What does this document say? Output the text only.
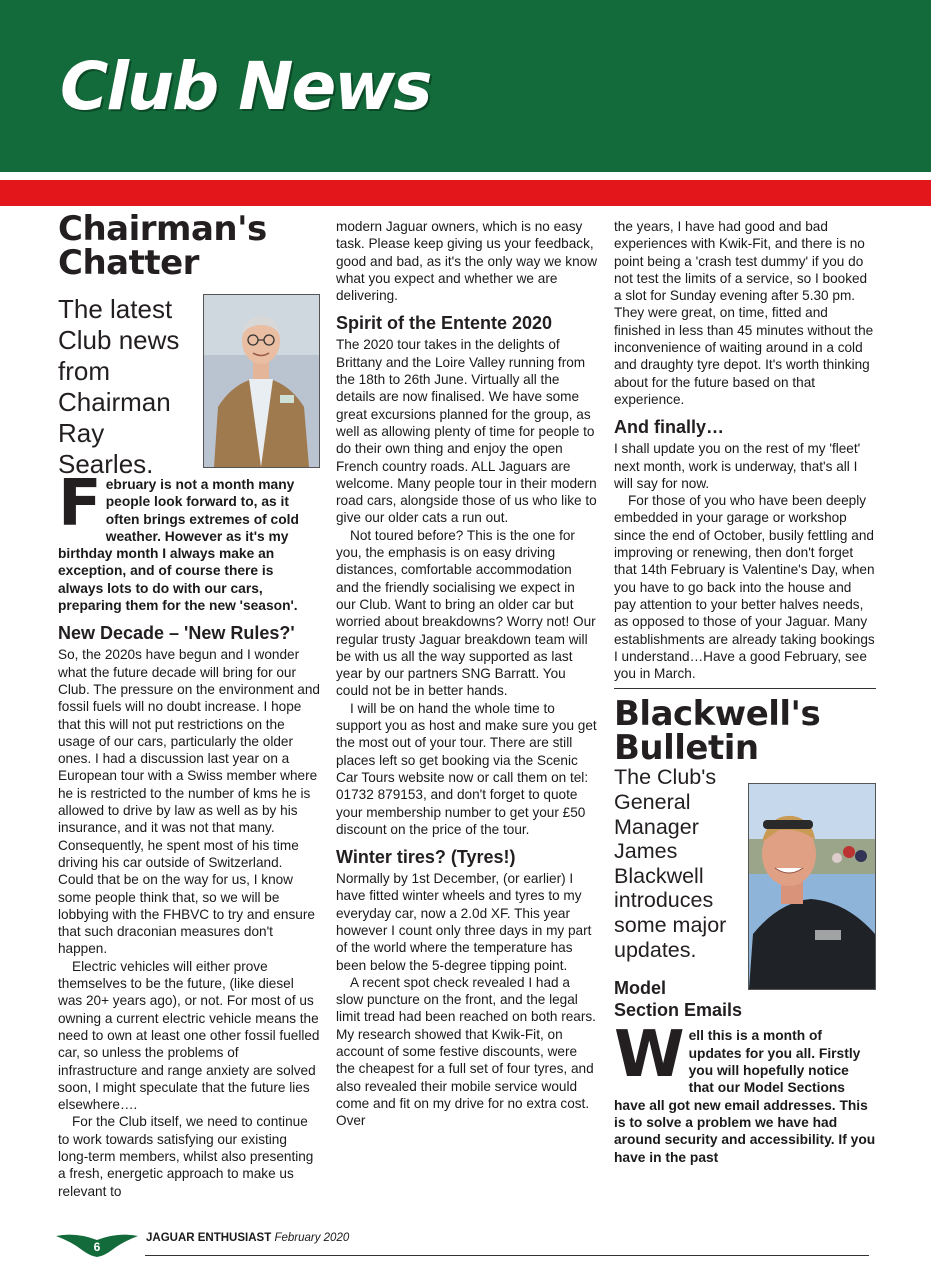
Club News
Chairman's
Chatter
The latest
Club news
from
Chairman
Ray Searles.

February is not a month many people look forward to, as it often brings extremes of cold weather. However as it's my birthday month I always make an exception, and of course there is always lots to do with our cars, preparing them for the new 'season'.

New Decade – 'New Rules?'

So, the 2020s have begun and I wonder what the future decade will bring for our Club. The pressure on the environment and fossil fuels will no doubt increase. I hope that this will not put restrictions on the usage of our cars, particularly the older ones. I had a discussion last year on a European tour with a Swiss member where he is restricted to the number of kms he is allowed to drive by law as well as by his insurance, and it was not that many. Consequently, he spent most of his time driving his car outside of Switzerland. Could that be on the way for us, I know some people think that, so we will be lobbying with the FHBVC to try and ensure that such draconian measures don't happen.

Electric vehicles will either prove themselves to be the future, (like diesel was 20+ years ago), or not. For most of us owning a current electric vehicle means the need to own at least one other fossil fuelled car, so unless the problems of infrastructure and range anxiety are solved soon, I might speculate that the future lies elsewhere….

For the Club itself, we need to continue to work towards satisfying our existing long-term members, whilst also presenting a fresh, energetic approach to make us relevant to

modern Jaguar owners, which is no easy task. Please keep giving us your feedback, good and bad, as it's the only way we know what you expect and whether we are delivering.

Spirit of the Entente 2020

The 2020 tour takes in the delights of Brittany and the Loire Valley running from the 18th to 26th June. Virtually all the details are now finalised. We have some great excursions planned for the group, as well as allowing plenty of time for people to do their own thing and enjoy the open French country roads. ALL Jaguars are welcome. Many people tour in their modern road cars, alongside those of us who like to give our older cats a run out.

Not toured before? This is the one for you, the emphasis is on easy driving distances, comfortable accommodation and the friendly socialising we expect in our Club. Want to bring an older car but worried about breakdowns? Worry not! Our regular trusty Jaguar breakdown team will be with us all the way supported as last year by our partners SNG Barratt. You could not be in better hands.

I will be on hand the whole time to support you as host and make sure you get the most out of your tour. There are still places left so get booking via the Scenic Car Tours website now or call them on tel: 01732 879153, and don't forget to quote your membership number to get your £50 discount on the price of the tour.

Winter tires? (Tyres!)

Normally by 1st December, (or earlier) I have fitted winter wheels and tyres to my everyday car, now a 2.0d XF. This year however I count only three days in my part of the world where the temperature has been below the 5-degree tipping point.

A recent spot check revealed I had a slow puncture on the front, and the legal limit tread had been reached on both rears. My research showed that Kwik-Fit, on account of some festive discounts, were the cheapest for a full set of four tyres, and also revealed their mobile service would come and fit on my drive for no extra cost. Over

the years, I have had good and bad experiences with Kwik-Fit, and there is no point being a 'crash test dummy' if you do not test the limits of a service, so I booked a slot for Sunday evening after 5.30 pm. They were great, on time, fitted and finished in less than 45 minutes without the inconvenience of waiting around in a cold and draughty tyre depot. It's worth thinking about for the future based on that experience.

And finally…

I shall update you on the rest of my 'fleet' next month, work is underway, that's all I will say for now.

For those of you who have been deeply embedded in your garage or workshop since the end of October, busily fettling and improving or renewing, then don't forget that 14th February is Valentine's Day, when you have to go back into the house and pay attention to your better halves needs, as opposed to those of your Jaguar. Many establishments are already taking bookings I understand…Have a good February, see you in March.

Blackwell's
Bulletin
The Club's
General
Manager
James
Blackwell
introduces
some major
updates.
Model
Section Emails

Well this is a month of updates for you all. Firstly you will hopefully notice that our Model Sections have all got new email addresses. This is to solve a problem we have had around security and accessibility. If you have in the past

6
JAGUAR ENTHUSIAST February 2020
